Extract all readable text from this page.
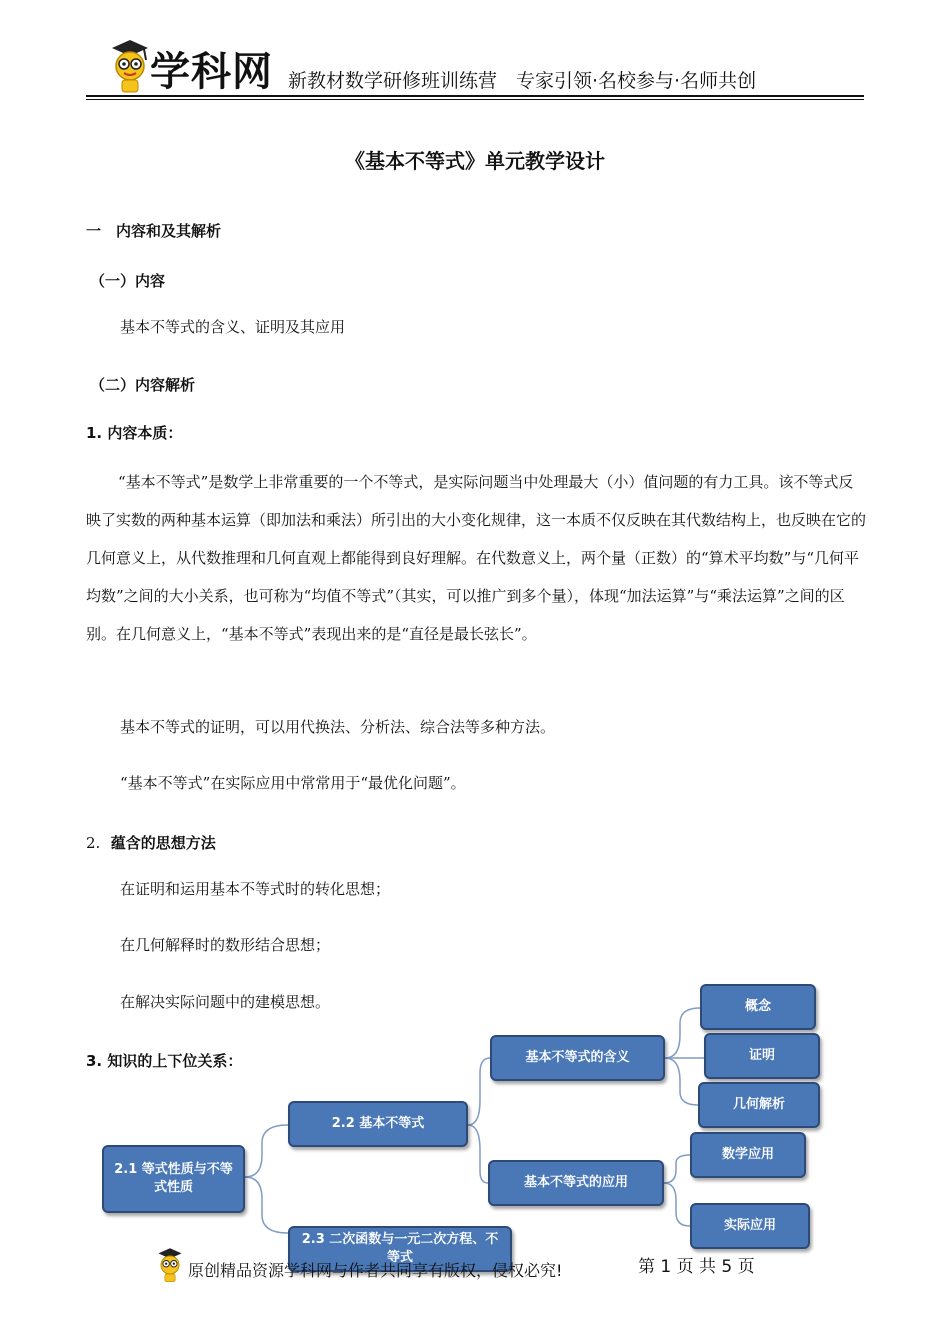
学科网 新教材数学研修班训练营　专家引领·名校参与·名师共创
《基本不等式》单元教学设计
一　内容和及其解析
（一）内容
基本不等式的含义、证明及其应用
（二）内容解析
1. 内容本质：
“基本不等式”是数学上非常重要的一个不等式，是实际问题当中处理最大（小）值问题的有力工具。该不等式反映了实数的两种基本运算（即加法和乘法）所引出的大小变化规律，这一本质不仅反映在其代数结构上，也反映在它的几何意义上，从代数推理和几何直观上都能得到良好理解。在代数意义上，两个量（正数）的“算术平均数”与“几何平均数”之间的大小关系，也可称为“均值不等式”（其实，可以推广到多个量），体现“加法运算”与“乘法运算”之间的区别。在几何意义上，“基本不等式”表现出来的是“直径是最长弦长”。
基本不等式的证明，可以用代换法、分析法、综合法等多种方法。
“基本不等式”在实际应用中常常用于“最优化问题”。
2. 蕴含的思想方法
在证明和运用基本不等式时的转化思想；
在几何解释时的数形结合思想；
在解决实际问题中的建模思想。
3. 知识的上下位关系：
2.1 等式性质与不等式性质
2.2 基本不等式
2.3 二次函数与一元二次方程、不等式
基本不等式的含义
基本不等式的应用
概念
证明
几何解析
数学应用
实际应用
原创精品资源学科网与作者共同享有版权，侵权必究!	第 1 页 共 5 页
